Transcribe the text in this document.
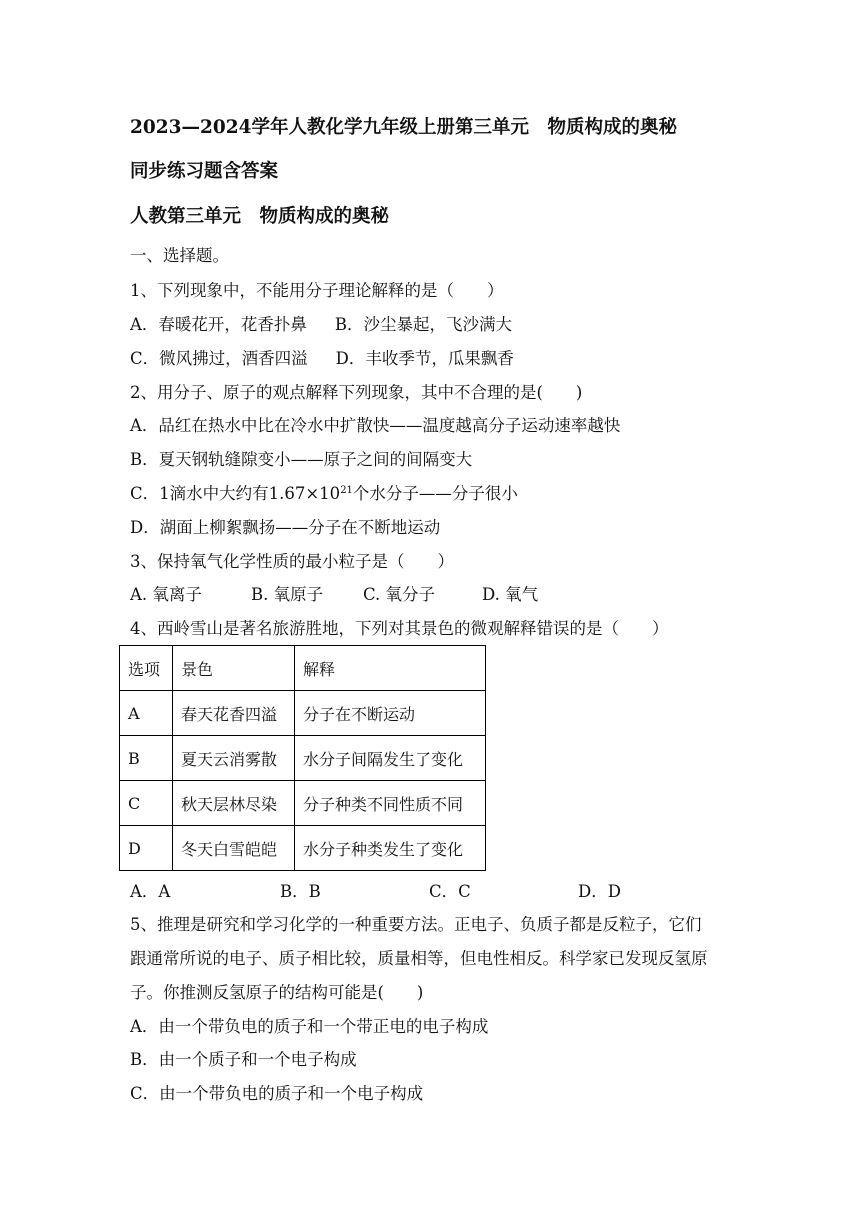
2023—2024学年人教化学九年级上册第三单元　物质构成的奥秘
同步练习题含答案
人教第三单元　物质构成的奥秘
一、选择题。
1、下列现象中，不能用分子理论解释的是（　　）
A．春暖花开，花香扑鼻 B．沙尘暴起，飞沙满大
C．微风拂过，酒香四溢 D．丰收季节，瓜果飘香
2、用分子、原子的观点解释下列现象，其中不合理的是(　　)
A．品红在热水中比在冷水中扩散快——温度越高分子运动速率越快
B．夏天钢轨缝隙变小——原子之间的间隔变大
C．1滴水中大约有$1.67\times 10^{21}$个水分子——分子很小
D．湖面上柳絮飘扬——分子在不断地运动
3、保持氧气化学性质的最小粒子是（　　）
A. 氧离子	B. 氧原子 C. 氧分子	D. 氧气
4、西岭雪山是著名旅游胜地，下列对其景色的微观解释错误的是（　　）
选项	景色	解释
A	春天花香四溢	分子在不断运动
B	夏天云消雾散	水分子间隔发生了变化
C	秋天层林尽染	分子种类不同性质不同
D	冬天白雪皑皑	水分子种类发生了变化
A．A	B．B	C．C	D．D
5、推理是研究和学习化学的一种重要方法。正电子、负质子都是反粒子，它们
跟通常所说的电子、质子相比较，质量相等，但电性相反。科学家已发现反氢原
子。你推测反氢原子的结构可能是(　　)
A．由一个带负电的质子和一个带正电的电子构成
B．由一个质子和一个电子构成
C．由一个带负电的质子和一个电子构成
